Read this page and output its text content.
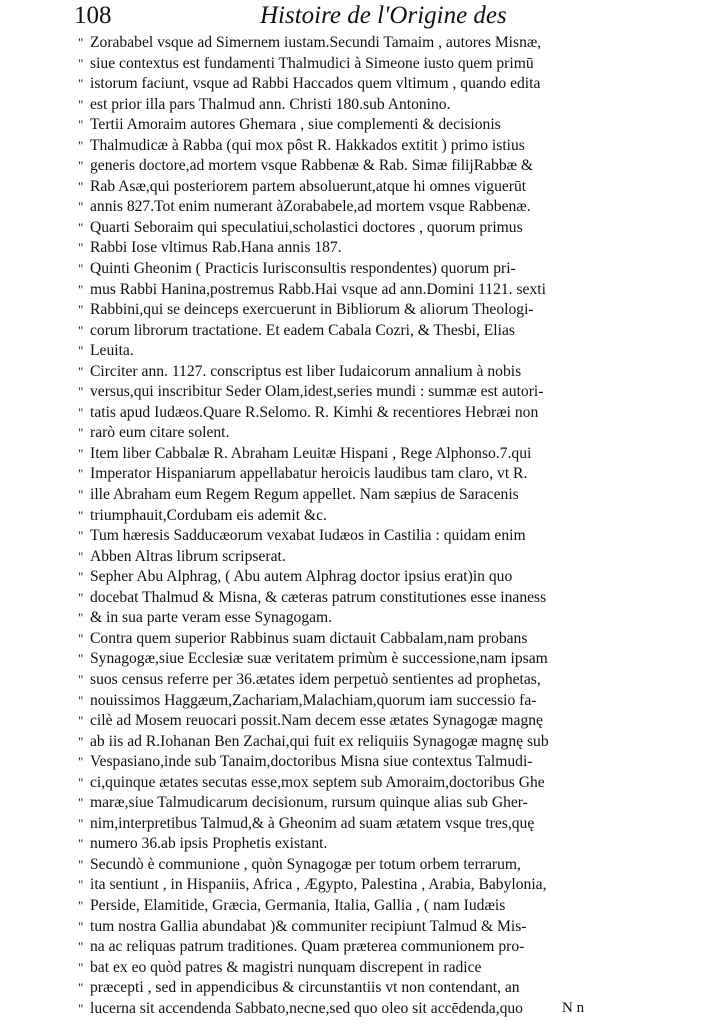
108	Histoire de l'Origine des
" Zorababel vsque ad Simernem iustam.Secundi Tamaim , autores Misnæ,
" siue contextus est fundamenti Thalmudici à Simeone iusto quem primū
" istorum faciunt, vsque ad Rabbi Haccados quem vltimum , quando edita
" est prior illa pars Thalmud ann. Christi 180.sub Antonino.
" Tertii Amoraim autores Ghemara , siue complementi & decisionis
" Thalmudicæ à Rabba (qui mox pôst R. Hakkados extitit ) primo istius
" generis doctore,ad mortem vsque Rabbenæ & Rab. Simæ filijRabbæ &
" Rab Asæ,qui posteriorem partem absoluerunt,atque hi omnes viguerūt
" annis 827.Tot enim numerant àZorababele,ad mortem vsque Rabbenæ.
" Quarti Seboraim qui speculatiui,scholastici doctores , quorum primus
" Rabbi Iose vltimus Rab.Hana annis 187.
" Quinti Gheonim ( Practicis Iurisconsultis respondentes) quorum pri-
" mus Rabbi Hanina,postremus Rabb.Hai vsque ad ann.Domini 1121. sexti
" Rabbini,qui se deinceps exercuerunt in Bibliorum & aliorum Theologi-
" corum librorum tractatione. Et eadem Cabala Cozri, & Thesbi, Elias
" Leuita.
" Circiter ann. 1127. conscriptus est liber Iudaicorum annalium à nobis
" versus,qui inscribitur Seder Olam,idest,series mundi : summæ est autori-
" tatis apud Iudæos.Quare R.Selomo. R. Kimhi & recentiores Hebræi non
" rarò eum citare solent.
" Item liber Cabbalæ R. Abraham Leuitæ Hispani , Rege Alphonso.7.qui
" Imperator Hispaniarum appellabatur heroicis laudibus tam claro, vt R.
" ille Abraham eum Regem Regum appellet. Nam sæpius de Saracenis
" triumphauit,Cordubam eis ademit &c.
" Tum hæresis Sadducæorum vexabat Iudæos in Castilia : quidam enim
" Abben Altras librum scripserat.
" Sepher Abu Alphrag, ( Abu autem Alphrag doctor ipsius erat)in quo
" docebat Thalmud & Misna, & cæteras patrum constitutiones esse inaness
" & in sua parte veram esse Synagogam.
" Contra quem superior Rabbinus suam dictauit Cabbalam,nam probans
" Synagogæ,siue Ecclesiæ suæ veritatem primùm è successione,nam ipsam
" suos census referre per 36.ætates idem perpetuò sentientes ad prophetas,
" nouissimos Haggæum,Zachariam,Malachiam,quorum iam successio fa-
" cilè ad Mosem reuocari possit.Nam decem esse ætates Synagogæ magnę
" ab iis ad R.Iohanan Ben Zachai,qui fuit ex reliquiis Synagogæ magnę sub
" Vespasiano,inde sub Tanaim,doctoribus Misna siue contextus Talmudi-
" ci,quinque ætates secutas esse,mox septem sub Amoraim,doctoribus Ghe
" maræ,siue Talmudicarum decisionum, rursum quinque alias sub Gher-
" nim,interpretibus Talmud,& à Gheonim ad suam ætatem vsque tres,quę
" numero 36.ab ipsis Prophetis existant.
" Secundò è communione , quòn Synagogæ per totum orbem terrarum,
" ita sentiunt , in Hispaniis, Africa , Ægypto, Palestina , Arabia, Babylonia,
" Perside, Elamitide, Græcia, Germania, Italia, Gallia , ( nam Iudæis
" tum nostra Gallia abundabat )& communiter recipiunt Talmud & Mis-
" na ac reliquas patrum traditiones. Quam præterea communionem pro-
" bat ex eo quòd patres & magistri nunquam discrepent in radice
" præcepti , sed in appendicibus & circunstantiis vt non contendant, an
" lucerna sit accendenda Sabbato,necne,sed quo oleo sit accēdenda,quo	N n
